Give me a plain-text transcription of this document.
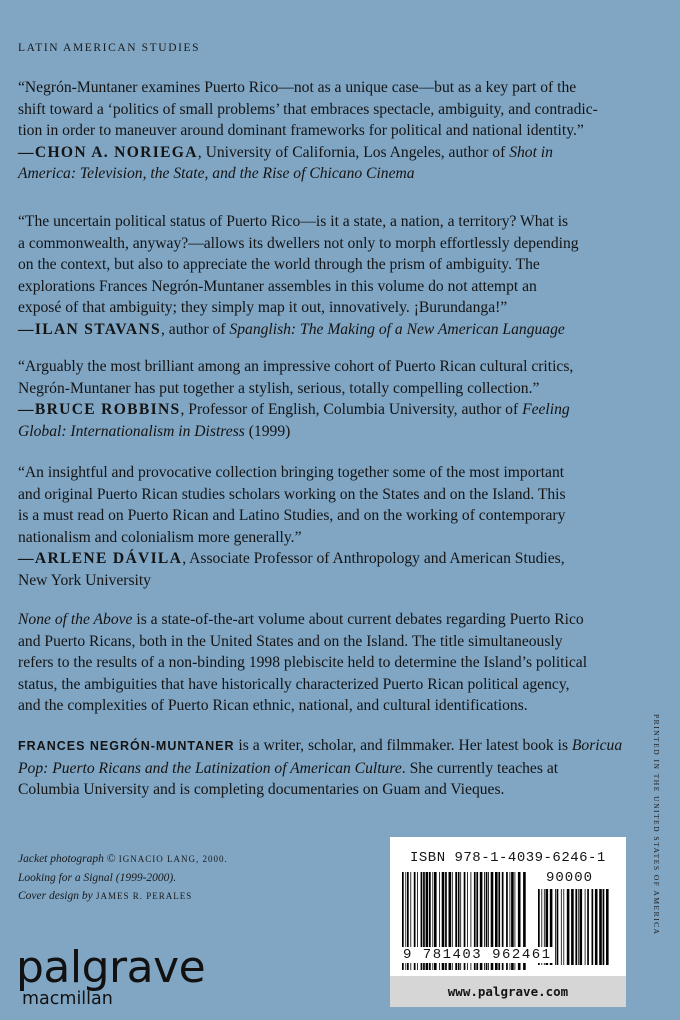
LATIN AMERICAN STUDIES

“Negrón-Muntaner examines Puerto Rico—not as a unique case—but as a key part of the

shift toward a ‘politics of small problems’ that embraces spectacle, ambiguity, and contradic-

tion in order to maneuver around dominant frameworks for political and national identity.”

—CHON A. NORIEGA, University of California, Los Angeles, author of Shot in

America: Television, the State, and the Rise of Chicano Cinema

“The uncertain political status of Puerto Rico—is it a state, a nation, a territory? What is

a commonwealth, anyway?—allows its dwellers not only to morph effortlessly depending

on the context, but also to appreciate the world through the prism of ambiguity. The

explorations Frances Negrón-Muntaner assembles in this volume do not attempt an

exposé of that ambiguity; they simply map it out, innovatively. ¡Burundanga!”

—ILAN STAVANS, author of Spanglish: The Making of a New American Language

“Arguably the most brilliant among an impressive cohort of Puerto Rican cultural critics,

Negrón-Muntaner has put together a stylish, serious, totally compelling collection.”

—BRUCE ROBBINS, Professor of English, Columbia University, author of Feeling

Global: Internationalism in Distress (1999)

“An insightful and provocative collection bringing together some of the most important

and original Puerto Rican studies scholars working on the States and on the Island. This

is a must read on Puerto Rican and Latino Studies, and on the working of contemporary

nationalism and colonialism more generally.”

—ARLENE DÁVILA, Associate Professor of Anthropology and American Studies,

New York University

None of the Above is a state-of-the-art volume about current debates regarding Puerto Rico

and Puerto Ricans, both in the United States and on the Island. The title simultaneously

refers to the results of a non-binding 1998 plebiscite held to determine the Island’s political

status, the ambiguities that have historically characterized Puerto Rican political agency,

and the complexities of Puerto Rican ethnic, national, and cultural identifications.

FRANCES NEGRÓN-MUNTANER is a writer, scholar, and filmmaker. Her latest book is Boricua

Pop: Puerto Ricans and the Latinization of American Culture. She currently teaches at

Columbia University and is completing documentaries on Guam and Vieques.

Jacket photograph © IGNACIO LANG, 2000.
Looking for a Signal (1999-2000).
Cover design by JAMES R. PERALES
palgrave
macmillan
ISBN 978-1-4039-6246-1
90000
9 781403 962461
www.palgrave.com
PRINTED IN THE UNITED STATES OF AMERICA
